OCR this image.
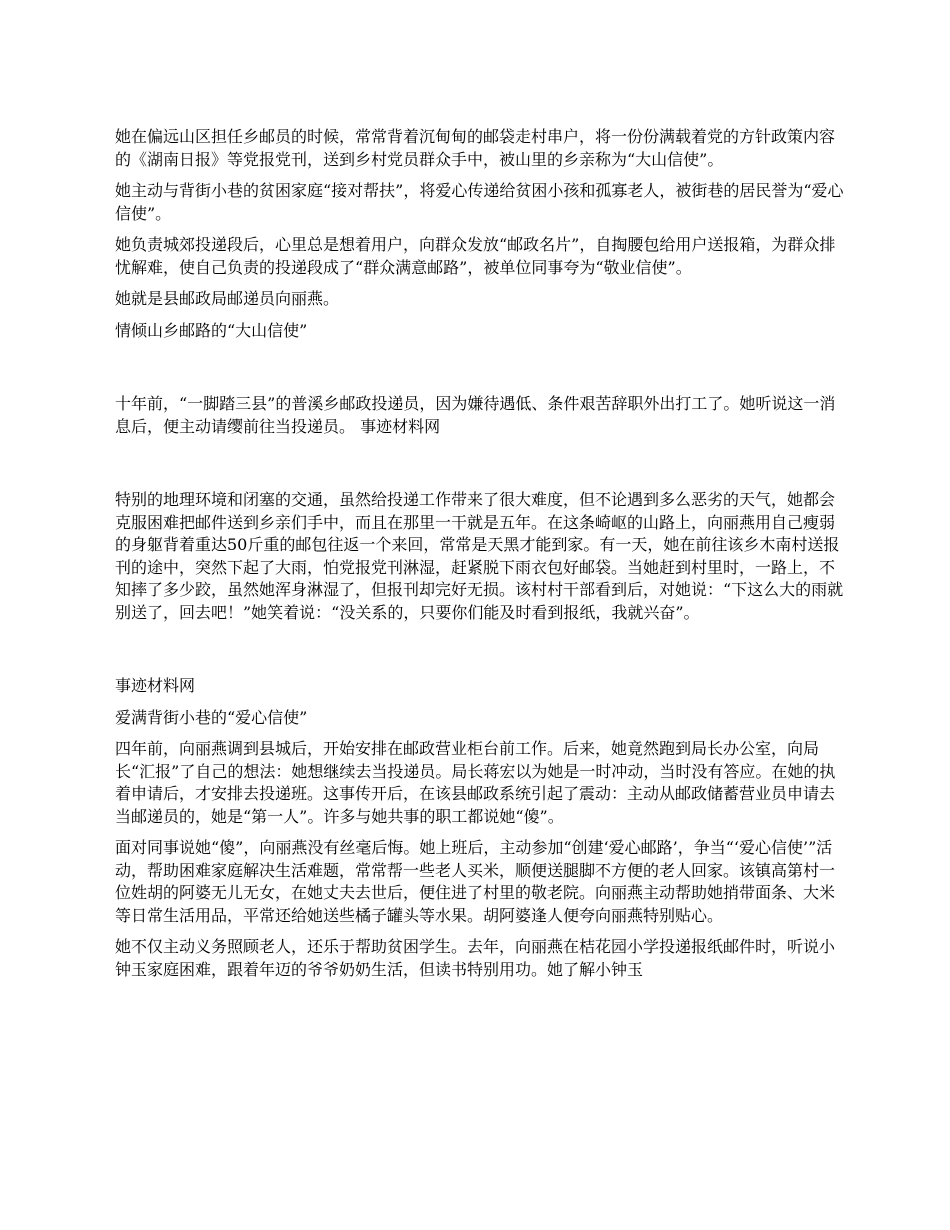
她在偏远山区担任乡邮员的时候，常常背着沉甸甸的邮袋走村串户，将一份份满载着党的方针政策内容的《湖南日报》等党报党刊，送到乡村党员群众手中，被山里的乡亲称为“大山信使”。

她主动与背街小巷的贫困家庭“接对帮扶”，将爱心传递给贫困小孩和孤寡老人，被街巷的居民誉为“爱心信使”。

她负责城郊投递段后，心里总是想着用户，向群众发放“邮政名片”，自掏腰包给用户送报箱，为群众排忧解难，使自己负责的投递段成了“群众满意邮路”，被单位同事夸为“敬业信使”。

她就是县邮政局邮递员向丽燕。

情倾山乡邮路的“大山信使”

十年前，“一脚踏三县”的普溪乡邮政投递员，因为嫌待遇低、条件艰苦辞职外出打工了。她听说这一消息后，便主动请缨前往当投递员。 事迹材料网

特别的地理环境和闭塞的交通，虽然给投递工作带来了很大难度，但不论遇到多么恶劣的天气，她都会克服困难把邮件送到乡亲们手中，而且在那里一干就是五年。在这条崎岖的山路上，向丽燕用自己瘦弱的身躯背着重达50斤重的邮包往返一个来回，常常是天黑才能到家。有一天，她在前往该乡木南村送报刊的途中，突然下起了大雨，怕党报党刊淋湿，赶紧脱下雨衣包好邮袋。当她赶到村里时，一路上，不知摔了多少跤，虽然她浑身淋湿了，但报刊却完好无损。该村村干部看到后，对她说：“下这么大的雨就别送了，回去吧！”她笑着说：“没关系的，只要你们能及时看到报纸，我就兴奋”。

事迹材料网

爱满背街小巷的“爱心信使”

四年前，向丽燕调到县城后，开始安排在邮政营业柜台前工作。后来，她竟然跑到局长办公室，向局长“汇报”了自己的想法：她想继续去当投递员。局长蒋宏以为她是一时冲动，当时没有答应。在她的执着申请后，才安排去投递班。这事传开后，在该县邮政系统引起了震动：主动从邮政储蓄营业员申请去当邮递员的，她是“第一人”。许多与她共事的职工都说她“傻”。

面对同事说她“傻”，向丽燕没有丝毫后悔。她上班后，主动参加“创建‘爱心邮路’，争当“‘爱心信使’”活动，帮助困难家庭解决生活难题，常常帮一些老人买米，顺便送腿脚不方便的老人回家。该镇高第村一位姓胡的阿婆无儿无女，在她丈夫去世后，便住进了村里的敬老院。向丽燕主动帮助她捎带面条、大米等日常生活用品，平常还给她送些橘子罐头等水果。胡阿婆逢人便夸向丽燕特别贴心。

她不仅主动义务照顾老人，还乐于帮助贫困学生。去年，向丽燕在桔花园小学投递报纸邮件时，听说小钟玉家庭困难，跟着年迈的爷爷奶奶生活，但读书特别用功。她了解小钟玉
